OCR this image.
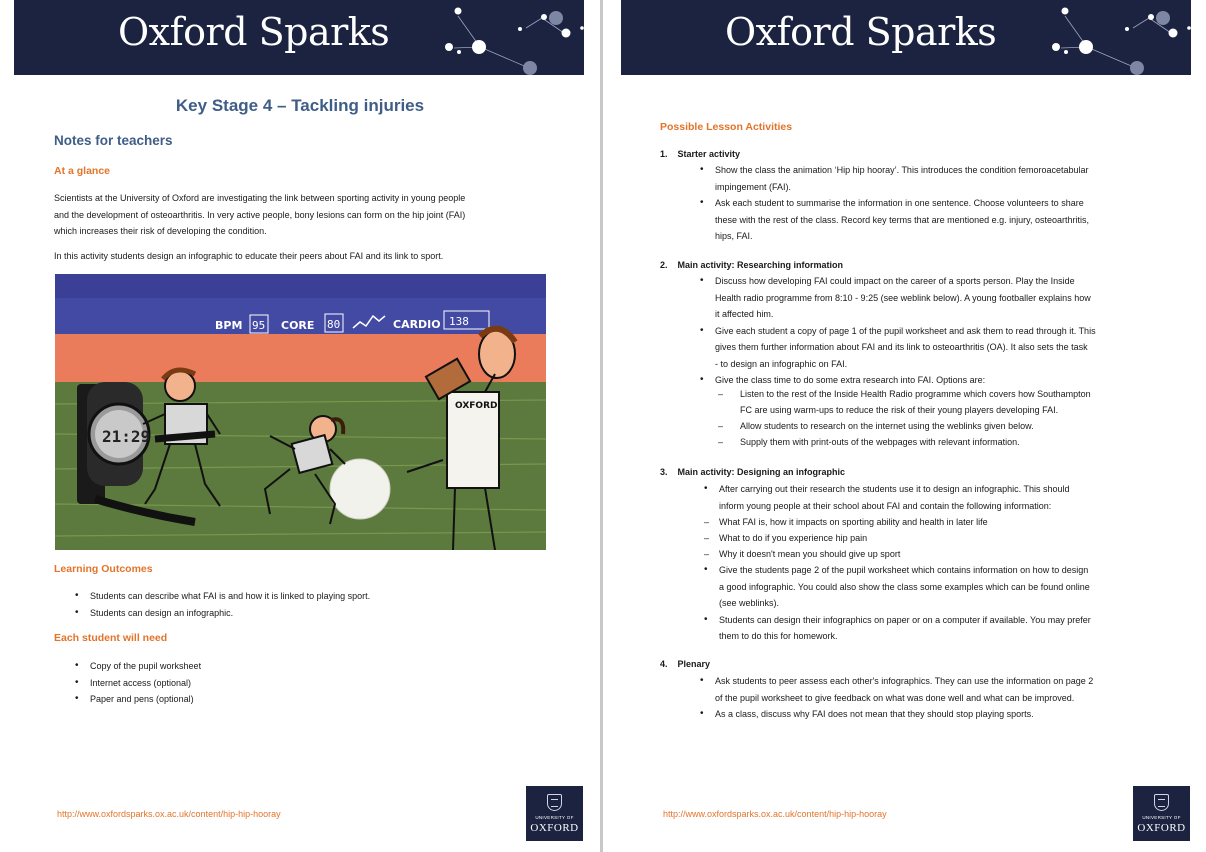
Oxford Sparks
Key Stage 4 – Tackling injuries
Notes for teachers
At a glance
Scientists at the University of Oxford are investigating the link between sporting activity in young people
and the development of osteoarthritis. In very active people, bony lesions can form on the hip joint (FAI)
which increases their risk of developing the condition.
In this activity students design an infographic to educate their peers about FAI and its link to sport.
BPM 95 CORE 80	CARDIO 138
21:29
OXFORD
Learning Outcomes
• Students can describe what FAI is and how it is linked to playing sport.
• Students can design an infographic.
Each student will need
• Copy of the pupil worksheet
• Internet access (optional)
• Paper and pens (optional)
http://www.oxfordsparks.ox.ac.uk/content/hip-hip-hooray	UNIVERSITY OF
OXFORD
Oxford Sparks
Possible Lesson Activities
1.    Starter activity
• Show the class the animation ‘Hip hip hooray’. This introduces the condition femoroacetabular
impingement (FAI).
• Ask each student to summarise the information in one sentence. Choose volunteers to share
these with the rest of the class. Record key terms that are mentioned e.g. injury, osteoarthritis,
hips, FAI.
2.    Main activity: Researching information
• Discuss how developing FAI could impact on the career of a sports person. Play the Inside
Health radio programme from 8:10 - 9:25 (see weblink below). A young footballer explains how
it affected him.
• Give each student a copy of page 1 of the pupil worksheet and ask them to read through it. This
gives them further information about FAI and its link to osteoarthritis (OA). It also sets the task
- to design an infographic on FAI.
• Give the class time to do some extra research into FAI. Options are:
– Listen to the rest of the Inside Health Radio programme which covers how Southampton
FC are using warm-ups to reduce the risk of their young players developing FAI.
– Allow students to research on the internet using the weblinks given below.
– Supply them with print-outs of the webpages with relevant information.
3.    Main activity: Designing an infographic
• After carrying out their research the students use it to design an infographic. This should
inform young people at their school about FAI and contain the following information:
– What FAI is, how it impacts on sporting ability and health in later life
– What to do if you experience hip pain
– Why it doesn't mean you should give up sport
• Give the students page 2 of the pupil worksheet which contains information on how to design
a good infographic. You could also show the class some examples which can be found online
(see weblinks).
• Students can design their infographics on paper or on a computer if available. You may prefer
them to do this for homework.
4.    Plenary
• Ask students to peer assess each other's infographics. They can use the information on page 2
of the pupil worksheet to give feedback on what was done well and what can be improved.
• As a class, discuss why FAI does not mean that they should stop playing sports.
http://www.oxfordsparks.ox.ac.uk/content/hip-hip-hooray	UNIVERSITY OF
OXFORD
